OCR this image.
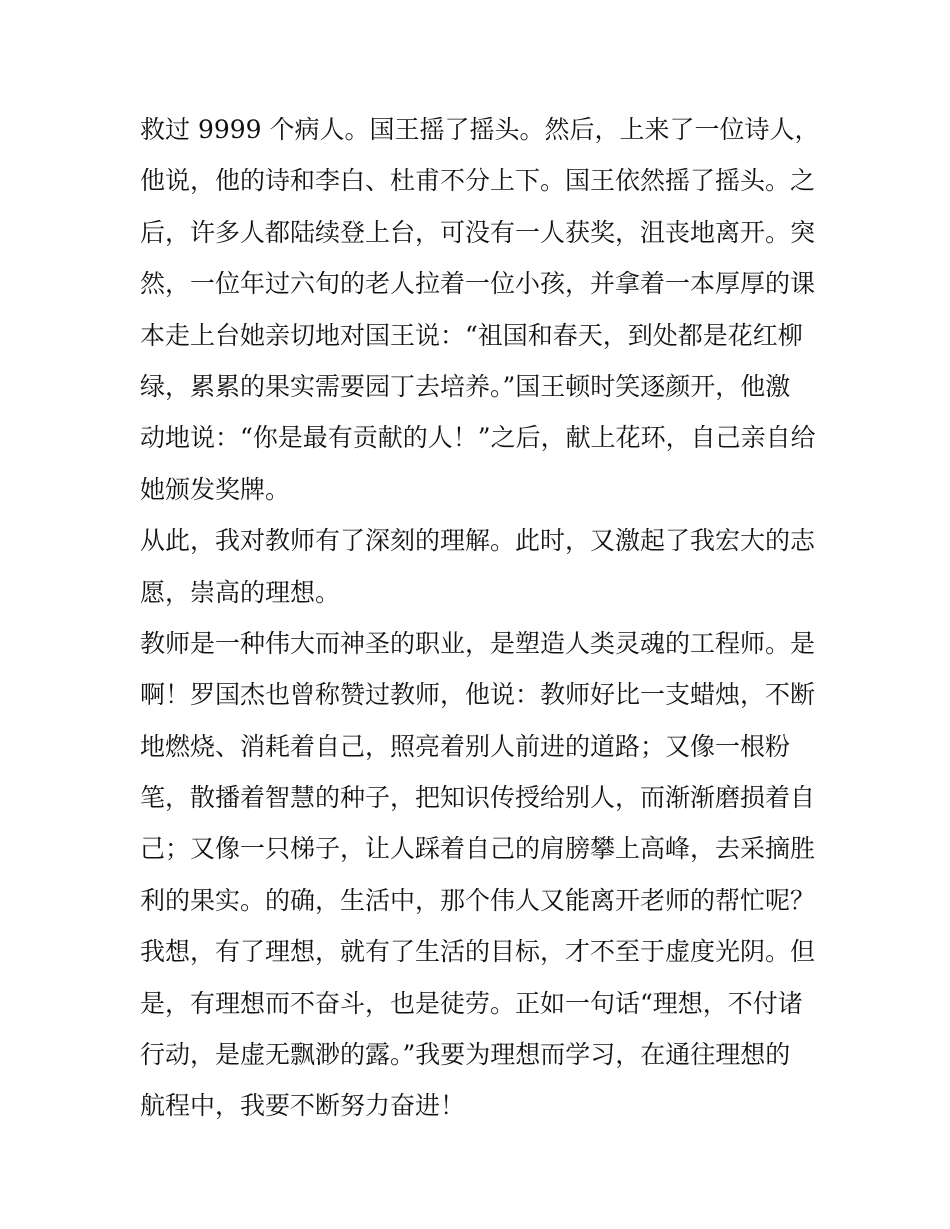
救过 9999 个病人。国王摇了摇头。然后，上来了一位诗人，
他说，他的诗和李白、杜甫不分上下。国王依然摇了摇头。之
后，许多人都陆续登上台，可没有一人获奖，沮丧地离开。突
然，一位年过六旬的老人拉着一位小孩，并拿着一本厚厚的课
本走上台她亲切地对国王说：“祖国和春天，到处都是花红柳
绿，累累的果实需要园丁去培养。”国王顿时笑逐颜开，他激
动地说：“你是最有贡献的人！”之后，献上花环，自己亲自给
她颁发奖牌。
从此，我对教师有了深刻的理解。此时，又激起了我宏大的志
愿，崇高的理想。
教师是一种伟大而神圣的职业，是塑造人类灵魂的工程师。是
啊！罗国杰也曾称赞过教师，他说：教师好比一支蜡烛，不断
地燃烧、消耗着自己，照亮着别人前进的道路；又像一根粉
笔，散播着智慧的种子，把知识传授给别人，而渐渐磨损着自
己；又像一只梯子，让人踩着自己的肩膀攀上高峰，去采摘胜
利的果实。的确，生活中，那个伟人又能离开老师的帮忙呢？
我想，有了理想，就有了生活的目标，才不至于虚度光阴。但
是，有理想而不奋斗，也是徒劳。正如一句话“理想，不付诸
行动，是虚无飘渺的露。”我要为理想而学习，在通往理想的
航程中，我要不断努力奋进！
